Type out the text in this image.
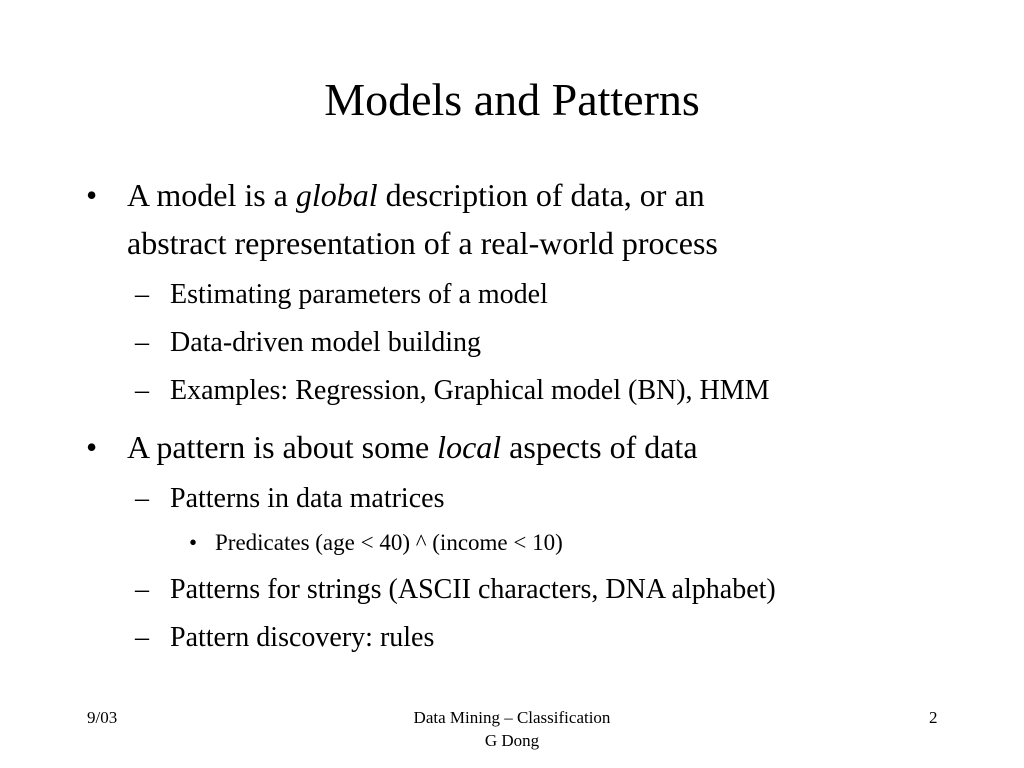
Models and Patterns
• A model is a global description of data, or an
abstract representation of a real-world process
– Estimating parameters of a model
– Data-driven model building
– Examples: Regression, Graphical model (BN), HMM
• A pattern is about some local aspects of data
– Patterns in data matrices
• Predicates (age < 40) ^ (income < 10)
– Patterns for strings (ASCII characters, DNA alphabet)
– Pattern discovery: rules
9/03	Data Mining – Classification
G Dong
2
